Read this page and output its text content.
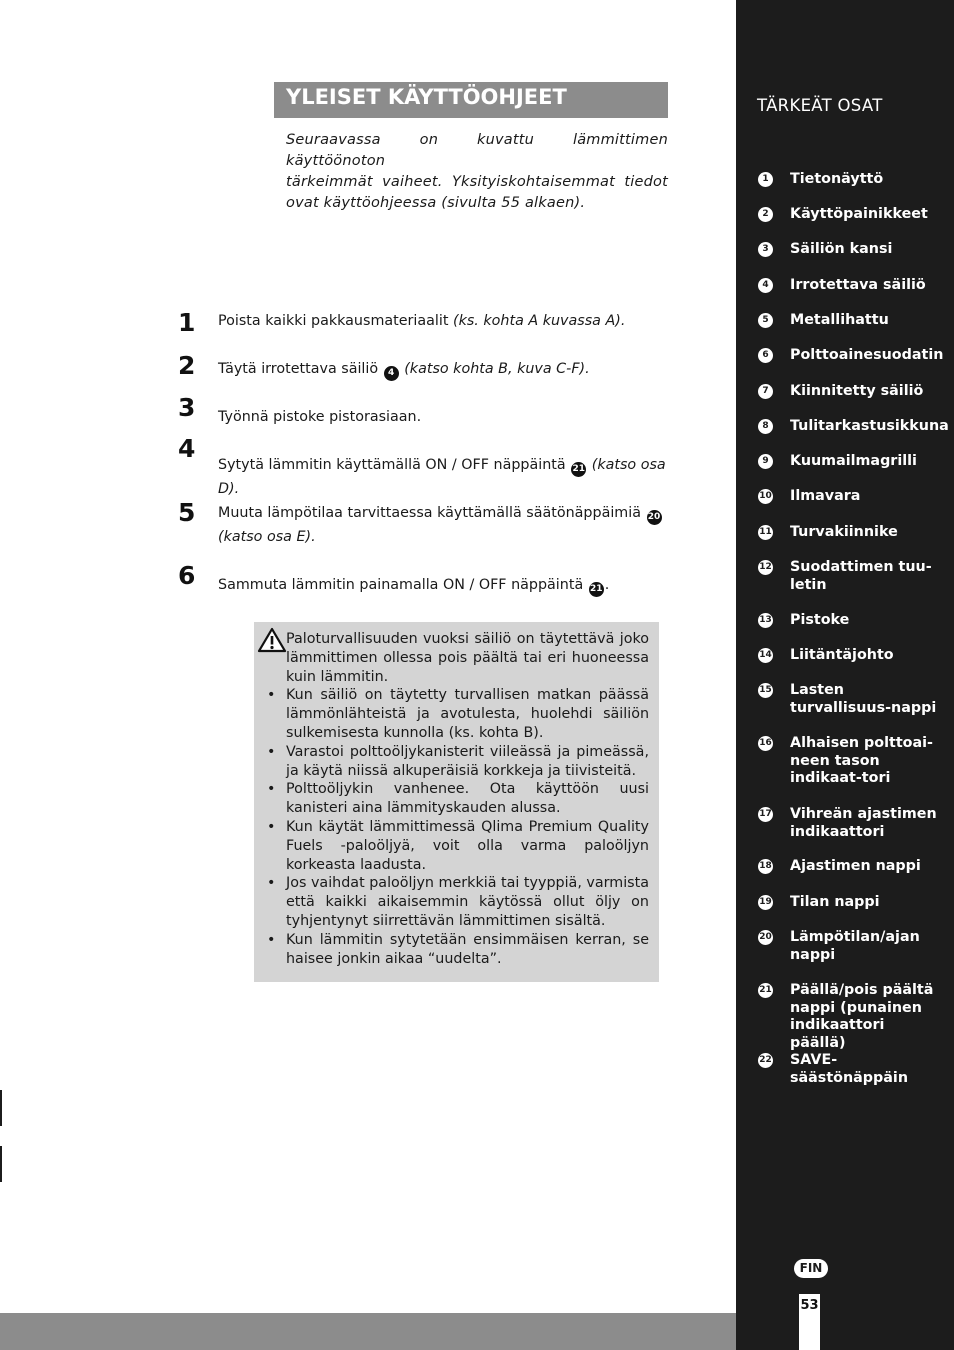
YLEISET KÄYTTÖOHJEET
Seuraavassa on kuvattu lämmittimen käyttöönoton
tärkeimmät vaiheet. Yksityiskohtaisemmat tiedot

ovat käyttöohjeessa (sivulta 55 alkaen).
1 Poista kaikki pakkausmateriaalit (ks. kohta A kuvassa A).
2 Täytä irrotettava säiliö 4 (katso kohta B, kuva C-F).
3 Työnnä pistoke pistorasiaan.
4
Sytytä lämmitin käyttämällä ON / OFF näppäintä 21 (katso osa D).
5 Muuta lämpötilaa tarvittaessa käyttämällä säätönäppäimiä 20
(katso osa E).
6 Sammuta lämmitin painamalla ON / OFF näppäintä 21 .
Paloturvallisuuden vuoksi säiliö on täytettävä joko lämmittimen ollessa pois päältä tai eri huoneessa kuin lämmitin.
• Kun säiliö on täytetty turvallisen matkan päässä lämmönlähteistä ja avotulesta, huolehdi säiliön sulkemisesta kunnolla (ks. kohta B).
• Varastoi polttoöljykanisterit viileässä ja pimeässä, ja käytä niissä alkuperäisiä korkkeja ja tiivisteitä.
• Polttoöljykin vanhenee. Ota käyttöön uusi kanisteri aina lämmityskauden alussa.
• Kun käytät lämmittimessä Qlima Premium Quality Fuels -paloöljyä, voit olla varma paloöljyn korkeasta laadusta.
• Jos vaihdat paloöljyn merkkiä tai tyyppiä, varmista että kaikki aikaisemmin käytössä ollut öljy on tyhjentynyt siirrettävän lämmittimen sisältä.
• Kun lämmitin sytytetään ensimmäisen kerran, se haisee jonkin aikaa “uudelta”.
TÄRKEÄT OSAT
1	Tietonäyttö
2	Käyttöpainikkeet
3	Säiliön kansi
4	Irrotettava säiliö
5	Metallihattu
6	Polttoainesuodatin
7	Kiinnitetty säiliö
8	Tulitarkastusikkuna
9	Kuumailmagrilli
10 Ilmavara
11 Turvakiinnike
12 Suodattimen tuu-letin
13 Pistoke
14 Liitäntäjohto
15 Lasten turvallisuus-nappi
16 Alhaisen polttoai-neen tason indikaat-tori
17 Vihreän ajastimen indikaattori
18 Ajastimen nappi
19 Tilan nappi
20 Lämpötilan/ajan nappi
21 Päällä/pois päältä nappi (punainen indikaattori päällä)
22 SAVE-säästönäppäin
FIN
53
